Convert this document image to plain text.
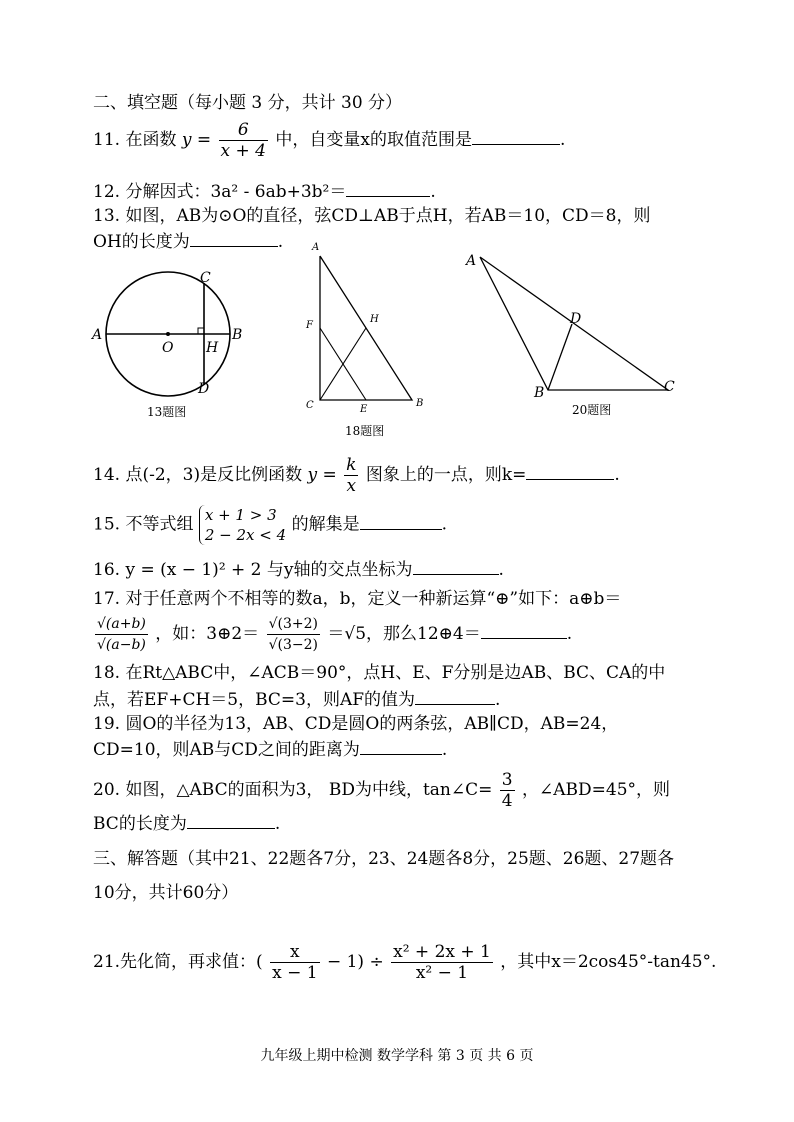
二、填空题（每小题 3 分，共计 30 分）
11. 在函数 $y = \frac{6}{x + 4}$ 中，自变量x的取值范围是	.
12. 分解因式：3a² - 6ab+3b²＝	.
13. 如图，AB为⊙O的直径，弦CD⊥AB于点H，若AB＝10，CD＝8，则
OH的长度为	.
A	B
C
D
O H
13题图
A
B
C	E
F
H
18题图
A
B	C
D
20题图
14. 点(-2，3)是反比例函数 $y = \frac{k}{x}$ 图象上的一点，则k=	.
15. 不等式组 x + 1 > 3
2 − 2x < 4
的解集是	.
16. y = (x − 1)² + 2 与y轴的交点坐标为	.
17. 对于任意两个不相等的数a，b，定义一种新运算“⊕”如下：a⊕b＝
$\frac{√(a+b)}{√(a-b)}$ ，如：3⊕2＝ $\frac{√(3+2)}{√(3-2)} =√5$，那么12⊕4＝	.
18. 在Rt△ABC中，∠ACB＝90°，点H、E、F分别是边AB、BC、CA的中
点，若EF+CH＝5，BC=3，则AF的值为	.
19. 圆O的半径为13，AB、CD是圆O的两条弦，AB∥CD，AB=24，
CD=10，则AB与CD之间的距离为	.
20. 如图，△ABC的面积为3， BD为中线，tan∠C= $\frac{3}{4}$ ，∠ABD=45°，则
BC的长度为	.
三、解答题（其中21、22题各7分，23、24题各8分，25题、26题、27题各
10分，共计60分）
21.先化简，再求值：( $\frac{x}{x - 1} - 1) \div \frac{\text{x² + 2x + 1}}{\text{x² − 1}}$ ，其中x＝2cos45°-tan45°.
九年级上期中检测 数学学科 第 3 页 共 6 页
